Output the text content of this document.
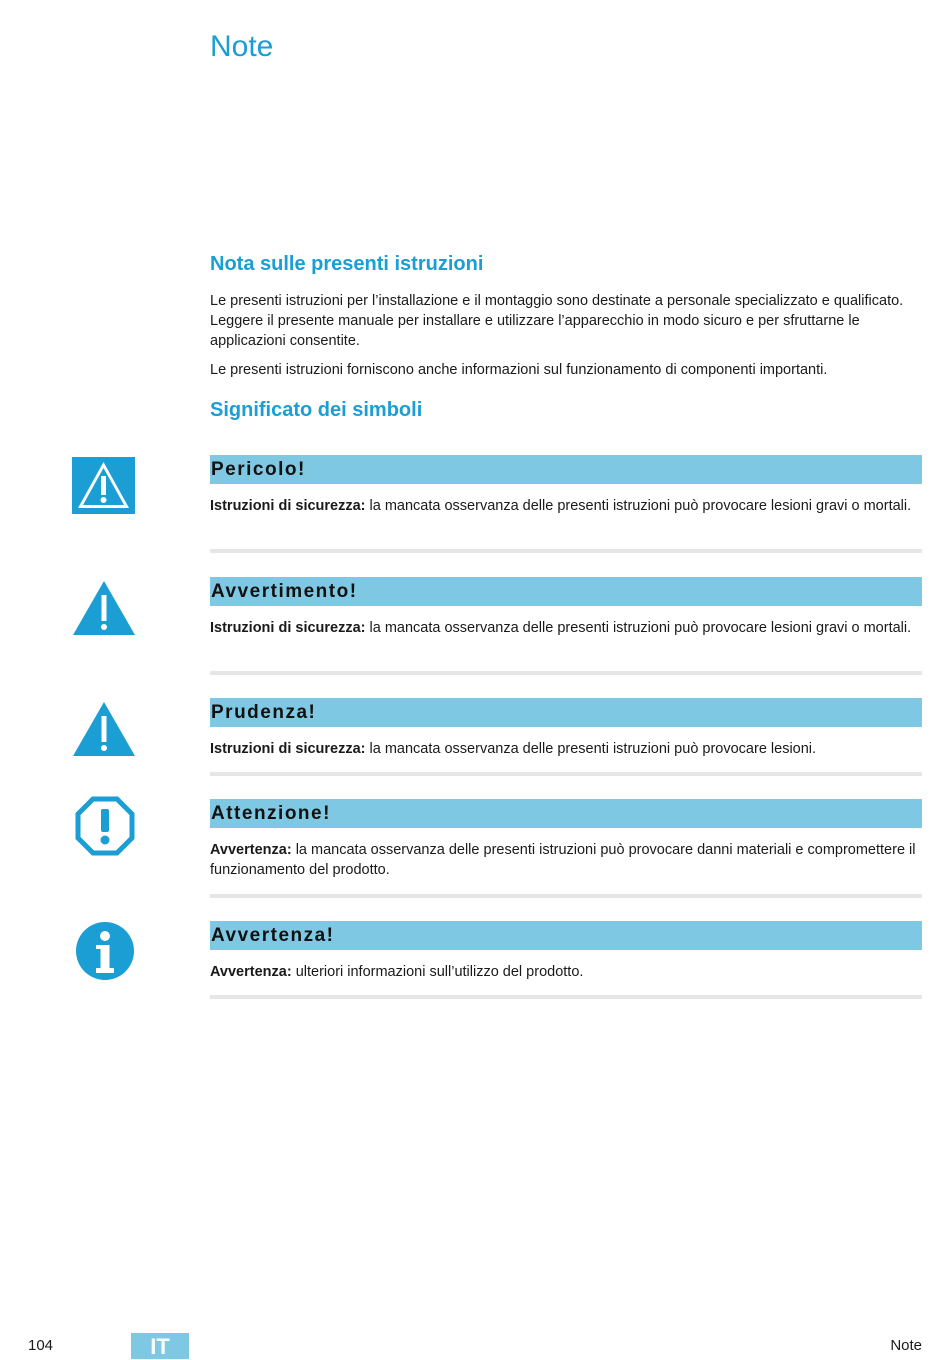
Note
Nota sulle presenti istruzioni
Le presenti istruzioni per l’installazione e il montaggio sono destinate a personale specializzato e qualificato. Leggere il presente manuale per installare e utilizzare l’apparecchio in modo sicuro e per sfruttarne le applicazioni consentite.
Le presenti istruzioni forniscono anche informazioni sul funzionamento di componenti importanti.
Significato dei simboli
Pericolo!
Istruzioni di sicurezza: la mancata osservanza delle presenti istruzioni può provocare lesioni gravi o mortali.
Avvertimento!
Istruzioni di sicurezza: la mancata osservanza delle presenti istruzioni può provocare lesioni gravi o mortali.
Prudenza!
Istruzioni di sicurezza: la mancata osservanza delle presenti istruzioni può provocare lesioni.
Attenzione!
Avvertenza: la mancata osservanza delle presenti istruzioni può provocare danni materiali e compromettere il funzionamento del prodotto.
Avvertenza!
Avvertenza: ulteriori informazioni sull’utilizzo del prodotto.
104	IT	Note
